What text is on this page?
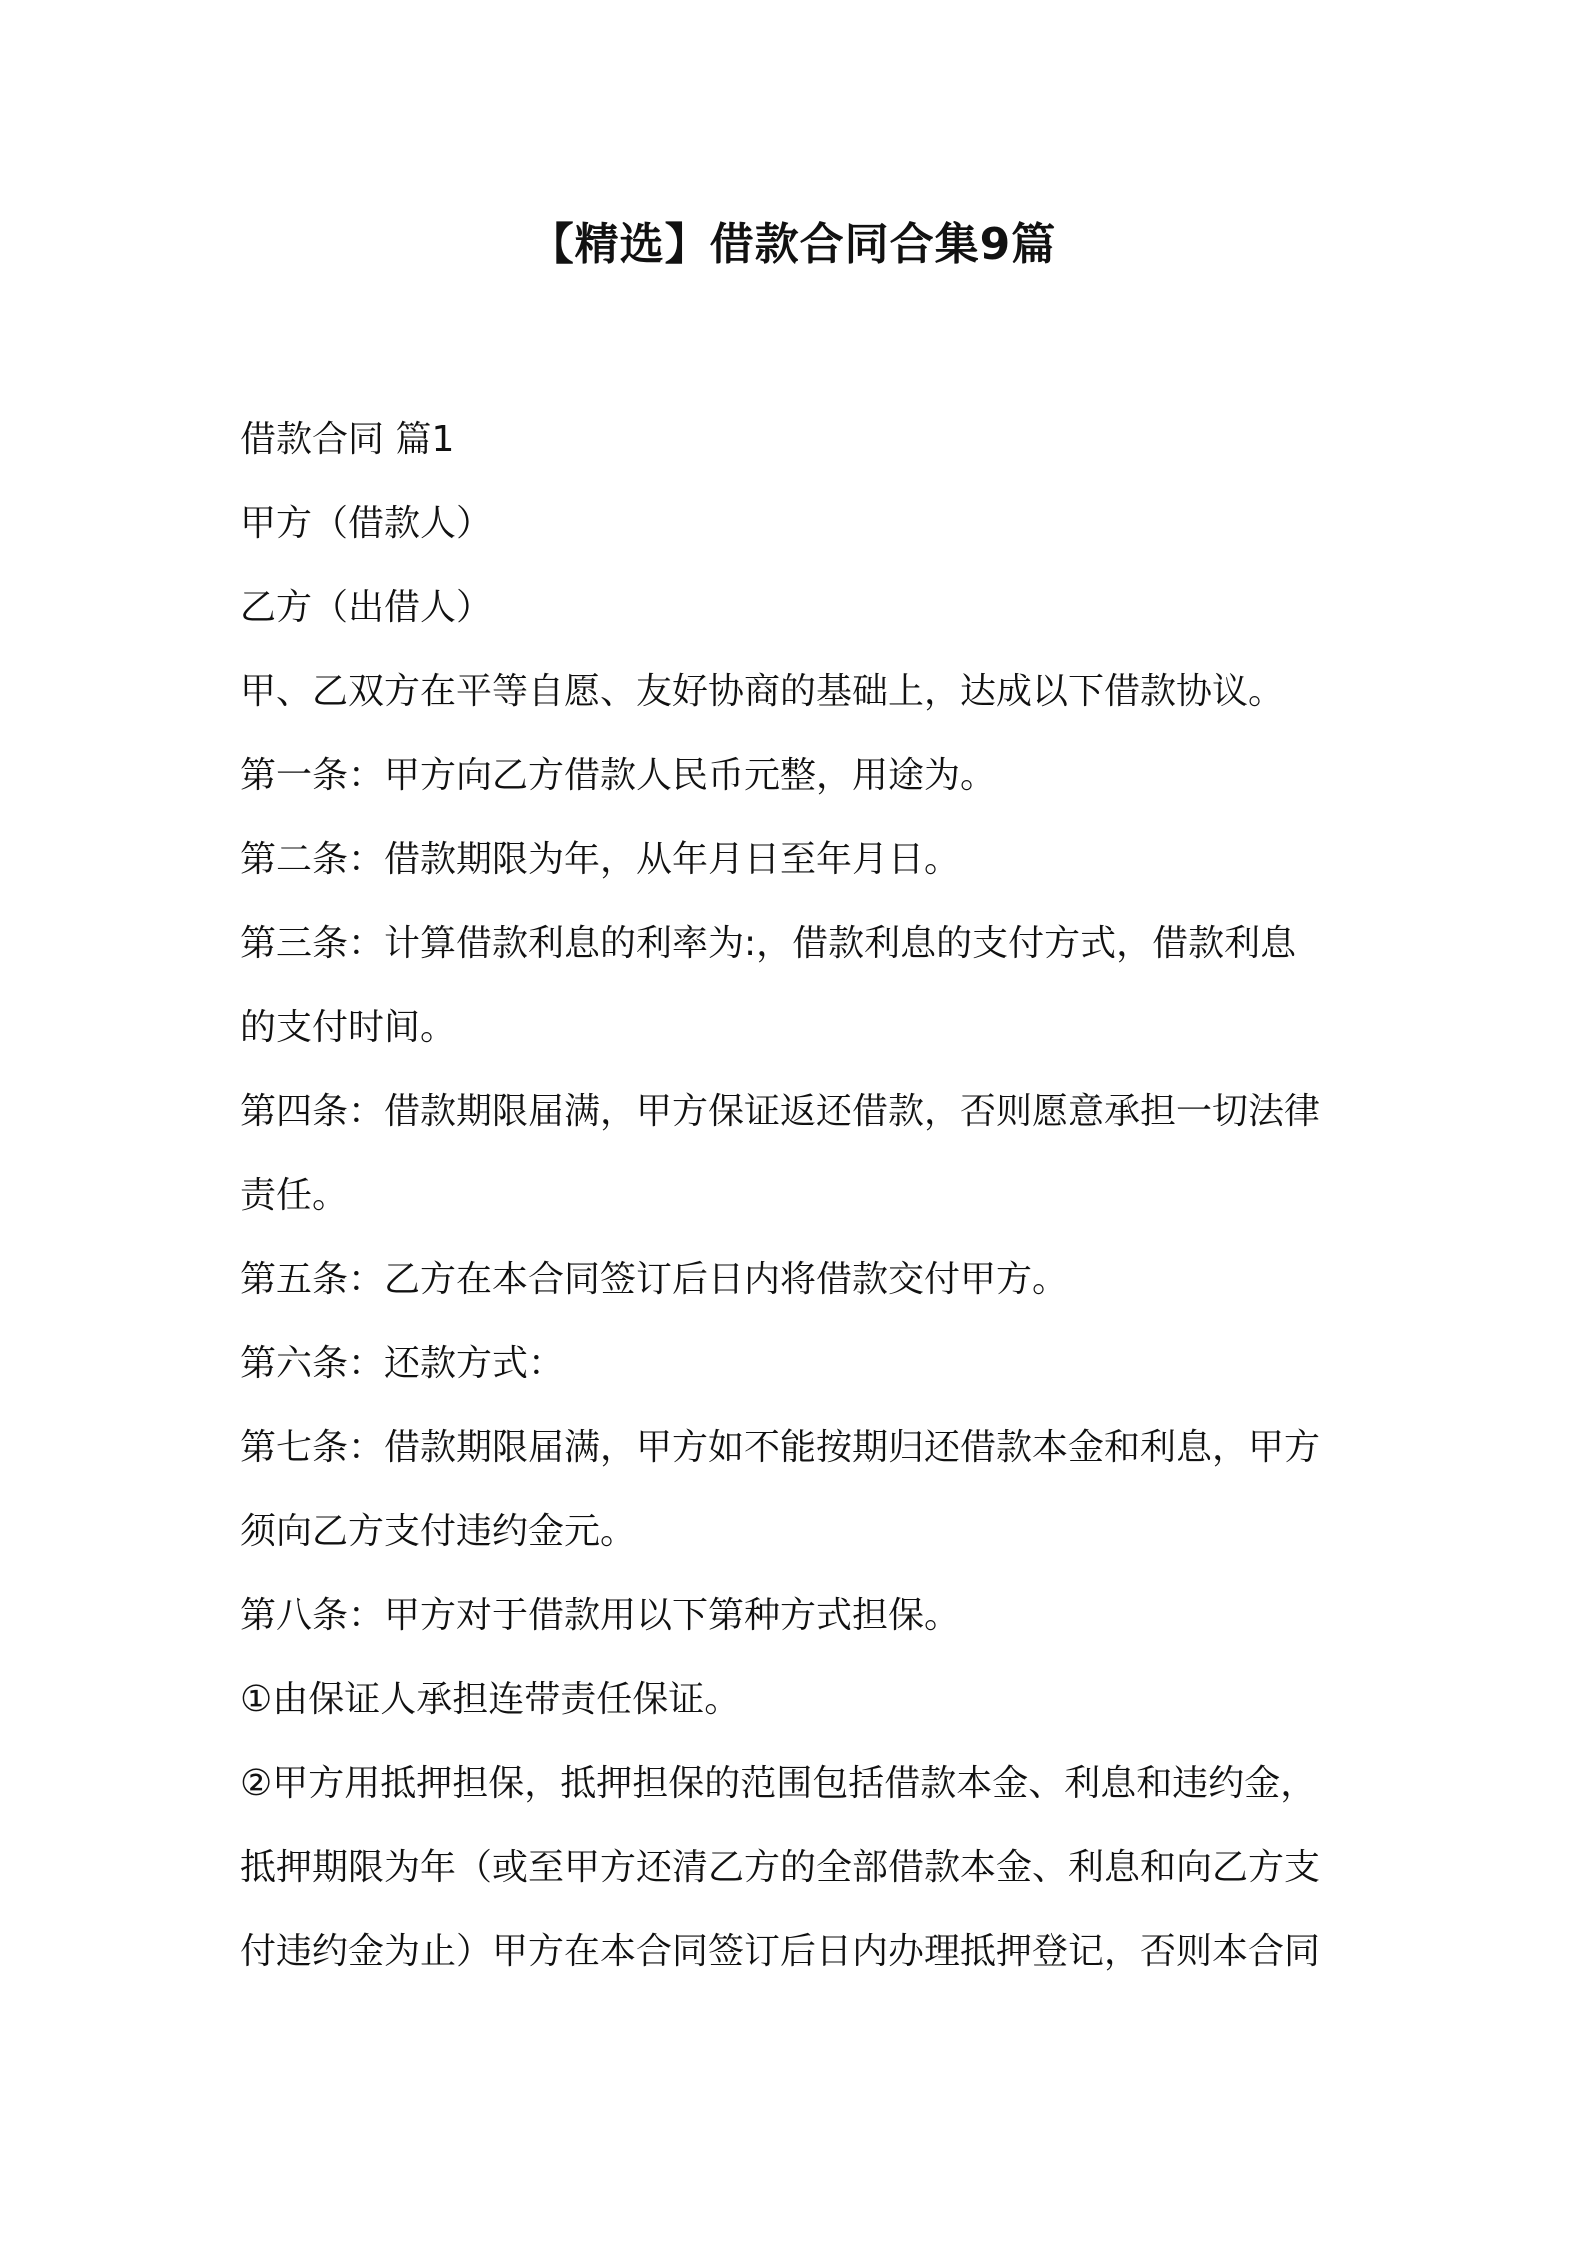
【精选】借款合同合集9篇

借款合同 篇1

甲方（借款人）

乙方（出借人）

甲、乙双方在平等自愿、友好协商的基础上，达成以下借款协议。

第一条：甲方向乙方借款人民币元整，用途为。

第二条：借款期限为年，从年月日至年月日。

第三条：计算借款利息的利率为:，借款利息的支付方式，借款利息

的支付时间。

第四条：借款期限届满，甲方保证返还借款，否则愿意承担一切法律

责任。

第五条：乙方在本合同签订后日内将借款交付甲方。

第六条：还款方式：

第七条：借款期限届满，甲方如不能按期归还借款本金和利息，甲方

须向乙方支付违约金元。

第八条：甲方对于借款用以下第种方式担保。

①由保证人承担连带责任保证。

②甲方用抵押担保，抵押担保的范围包括借款本金、利息和违约金，

抵押期限为年（或至甲方还清乙方的全部借款本金、利息和向乙方支

付违约金为止）甲方在本合同签订后日内办理抵押登记，否则本合同
